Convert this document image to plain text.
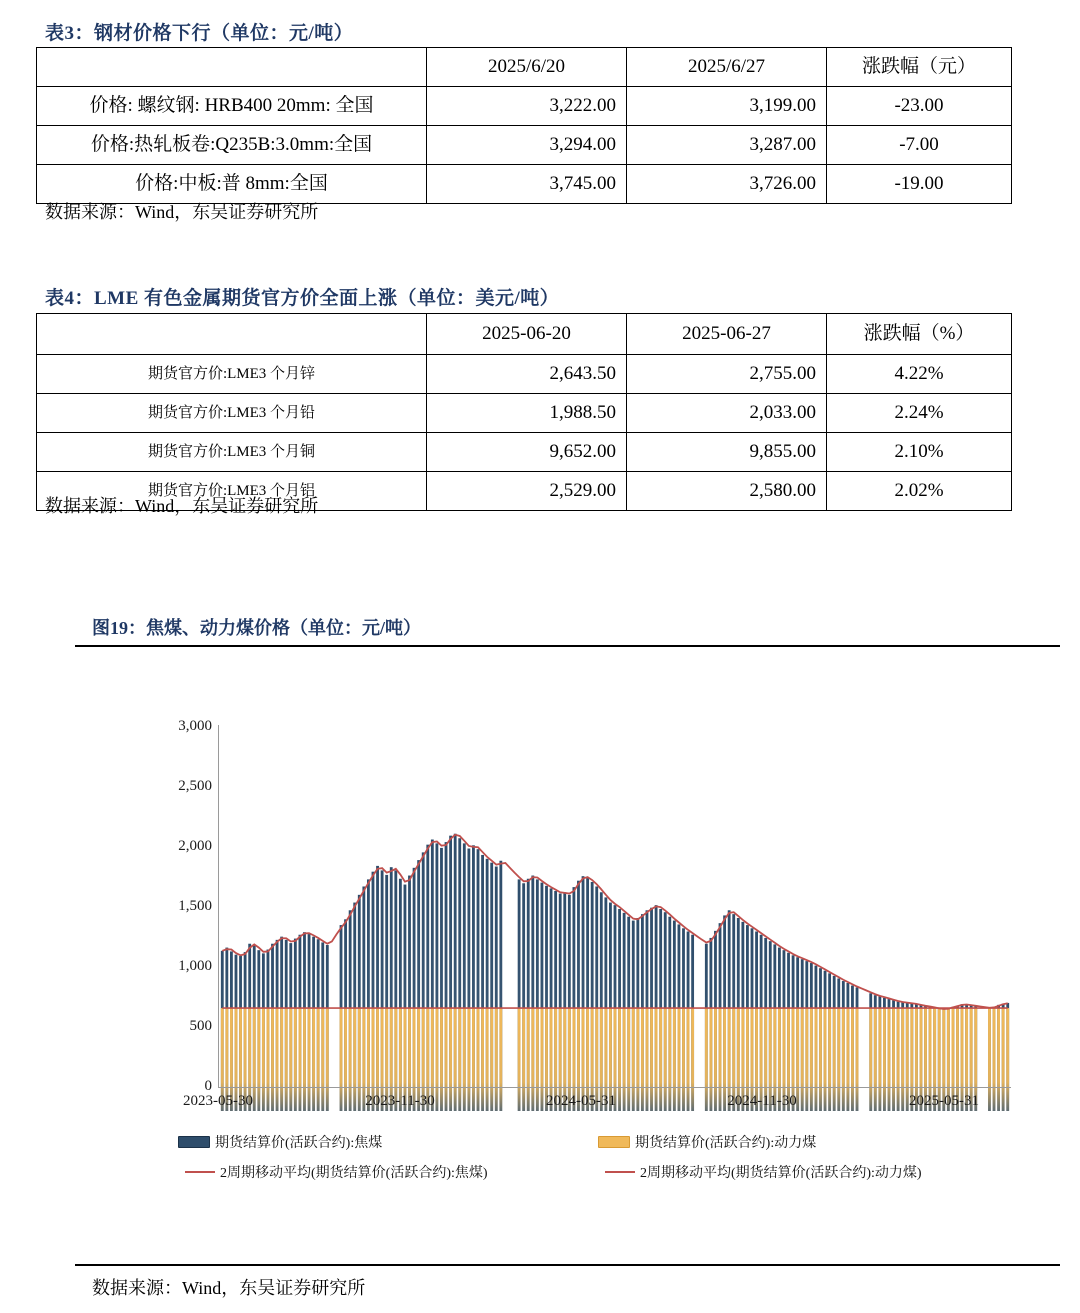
表3：钢材价格下行（单位：元/吨）
	2025/6/20	2025/6/27	涨跌幅（元）
价格: 螺纹钢: HRB400 20mm: 全国	3,222.00	3,199.00	-23.00
价格:热轧板卷:Q235B:3.0mm:全国	3,294.00	3,287.00	-7.00
价格:中板:普 8mm:全国	3,745.00	3,726.00	-19.00
数据来源：Wind，东吴证券研究所
表4：LME 有色金属期货官方价全面上涨（单位：美元/吨）
	2025-06-20	2025-06-27	涨跌幅（%）
期货官方价:LME3 个月锌	2,643.50	2,755.00	4.22%
期货官方价:LME3 个月铅	1,988.50	2,033.00	2.24%
期货官方价:LME3 个月铜	9,652.00	9,855.00	2.10%
期货官方价:LME3 个月铝	2,529.00	2,580.00	2.02%
数据来源：Wind，东吴证券研究所
图19：焦煤、动力煤价格（单位：元/吨）
3,000
2,500
2,000
1,500
1,000
500
0
2023-05-30	2023-11-30	2024-05-31	2024-11-30	2025-05-31
期货结算价(活跃合约):焦煤	期货结算价(活跃合约):动力煤
2周期移动平均(期货结算价(活跃合约):焦煤)	2周期移动平均(期货结算价(活跃合约):动力煤)
数据来源：Wind，东吴证券研究所
